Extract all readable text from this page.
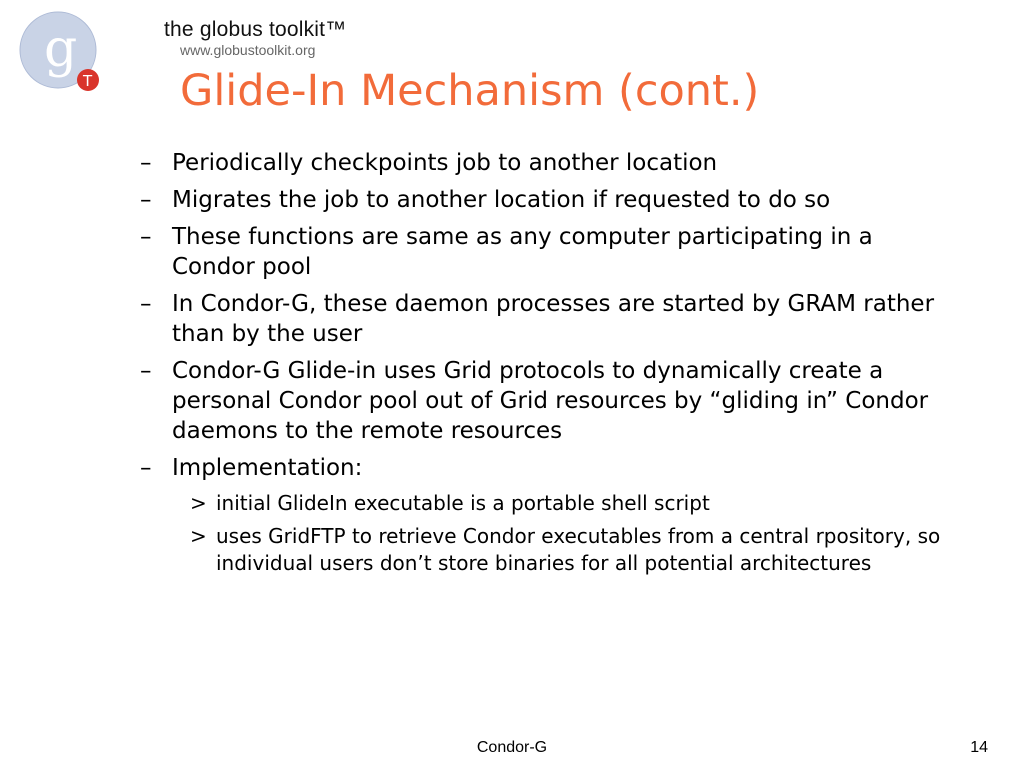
g
T
the globus toolkit™
www.globustoolkit.org
Glide-In Mechanism (cont.)
– Periodically checkpoints job to another location
– Migrates the job to another location if requested to do so
– These functions are same as any computer participating in a Condor pool
– In Condor-G, these daemon processes are started by GRAM rather than by the user
– Condor-G Glide-in uses Grid protocols to dynamically create a personal Condor pool out of Grid resources by “gliding in” Condor daemons to the remote resources
– Implementation:
> initial GlideIn executable is a portable shell script
> uses GridFTP to retrieve Condor executables from a central rpository, so individual users don’t store binaries for all potential architectures
Condor-G	14
